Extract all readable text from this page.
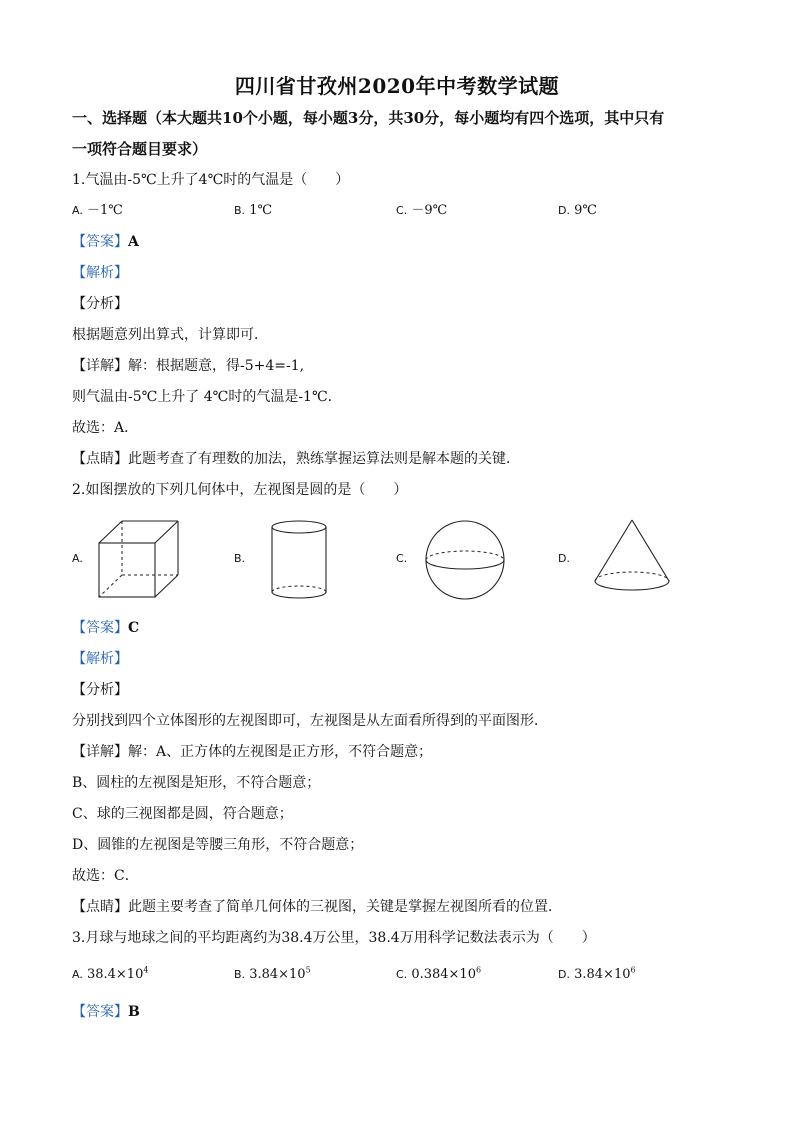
四川省甘孜州2020年中考数学试题
一、选择题（本大题共10个小题，每小题3分，共30分，每小题均有四个选项，其中只有
一项符合题目要求）
1.气温由-5℃上升了4℃时的气温是（　　）
A. －1℃	B. 1℃	C. －9℃	D. 9℃
【答案】A
【解析】
【分析】
根据题意列出算式，计算即可．
【详解】解：根据题意，得-5+4=-1,
则气温由-5℃上升了 4℃时的气温是-1℃．
故选：A．
【点睛】此题考查了有理数的加法，熟练掌握运算法则是解本题的关键．
2.如图摆放的下列几何体中，左视图是圆的是（　　）
A.	B.	C.	D.
【答案】C
【解析】
【分析】
分别找到四个立体图形的左视图即可，左视图是从左面看所得到的平面图形．
【详解】解：A、正方体的左视图是正方形，不符合题意；
B、圆柱的左视图是矩形，不符合题意；
C、球的三视图都是圆，符合题意；
D、圆锥的左视图是等腰三角形，不符合题意；
故选：C．
【点睛】此题主要考查了简单几何体的三视图，关键是掌握左视图所看的位置．
3.月球与地球之间的平均距离约为38.4万公里，38.4万用科学记数法表示为（　　）
A. $38.4\times 10^4$	B. $3.84\times 10^5$	C. $0.384\times 10^6$	D. $3.84\times 10^6$
【答案】B
